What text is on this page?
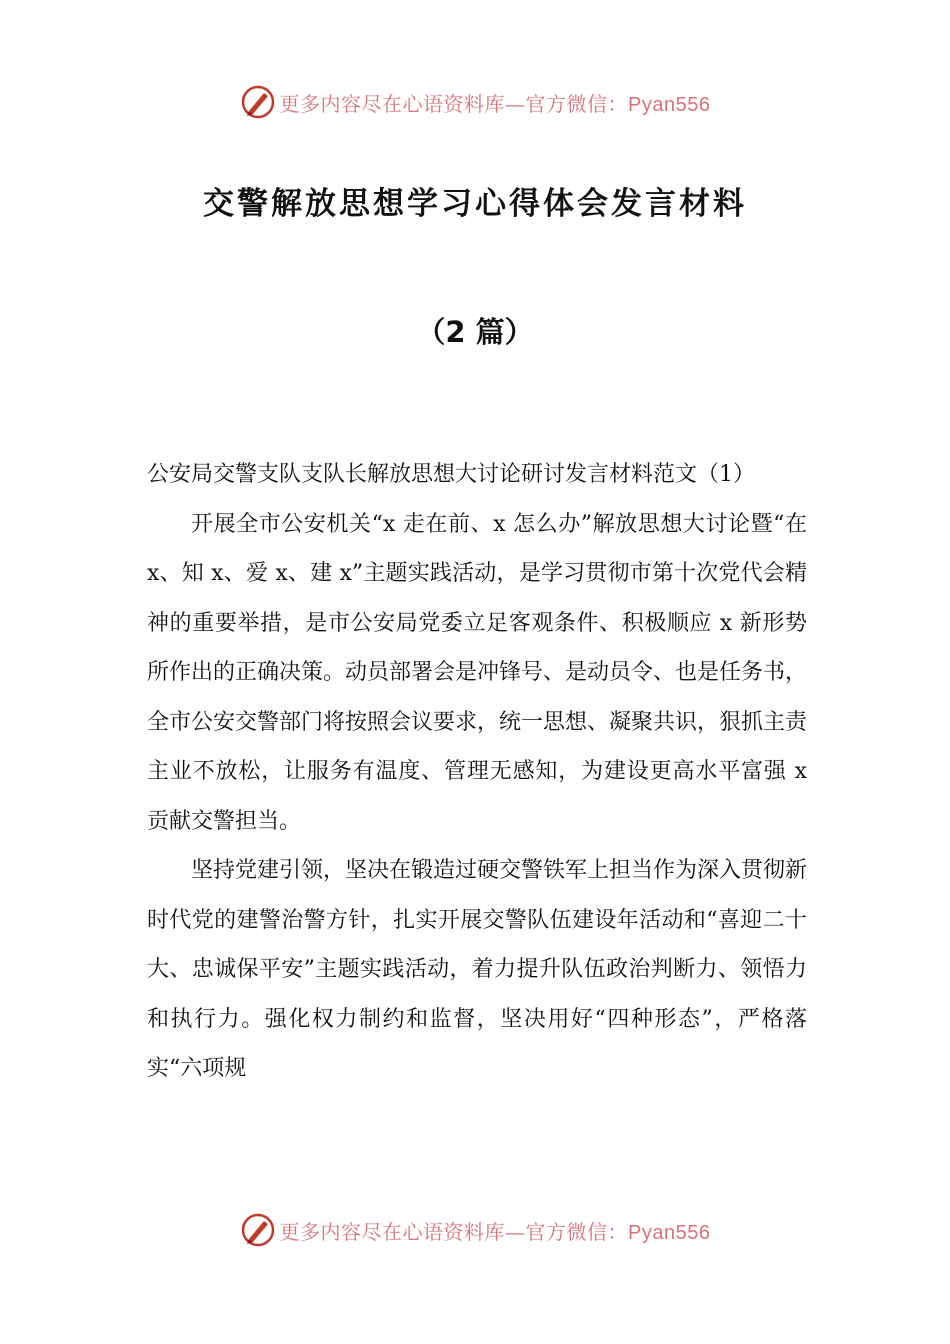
更多内容尽在心语资料库—官方微信：Pyan556
交警解放思想学习心得体会发言材料
（2 篇）

公安局交警支队支队长解放思想大讨论研讨发言材料范文（1）

开展全市公安机关“x 走在前、x 怎么办”解放思想大讨论暨“在 x、知 x、爱 x、建 x”主题实践活动，是学习贯彻市第十次党代会精神的重要举措，是市公安局党委立足客观条件、积极顺应 x 新形势所作出的正确决策。动员部署会是冲锋号、是动员令、也是任务书，全市公安交警部门将按照会议要求，统一思想、凝聚共识，狠抓主责主业不放松，让服务有温度、管理无感知，为建设更高水平富强 x 贡献交警担当。

坚持党建引领，坚决在锻造过硬交警铁军上担当作为深入贯彻新时代党的建警治警方针，扎实开展交警队伍建设年活动和“喜迎二十大、忠诚保平安”主题实践活动，着力提升队伍政治判断力、领悟力和执行力。强化权力制约和监督，坚决用好“四种形态”，严格落实“六项规

更多内容尽在心语资料库—官方微信：Pyan556
